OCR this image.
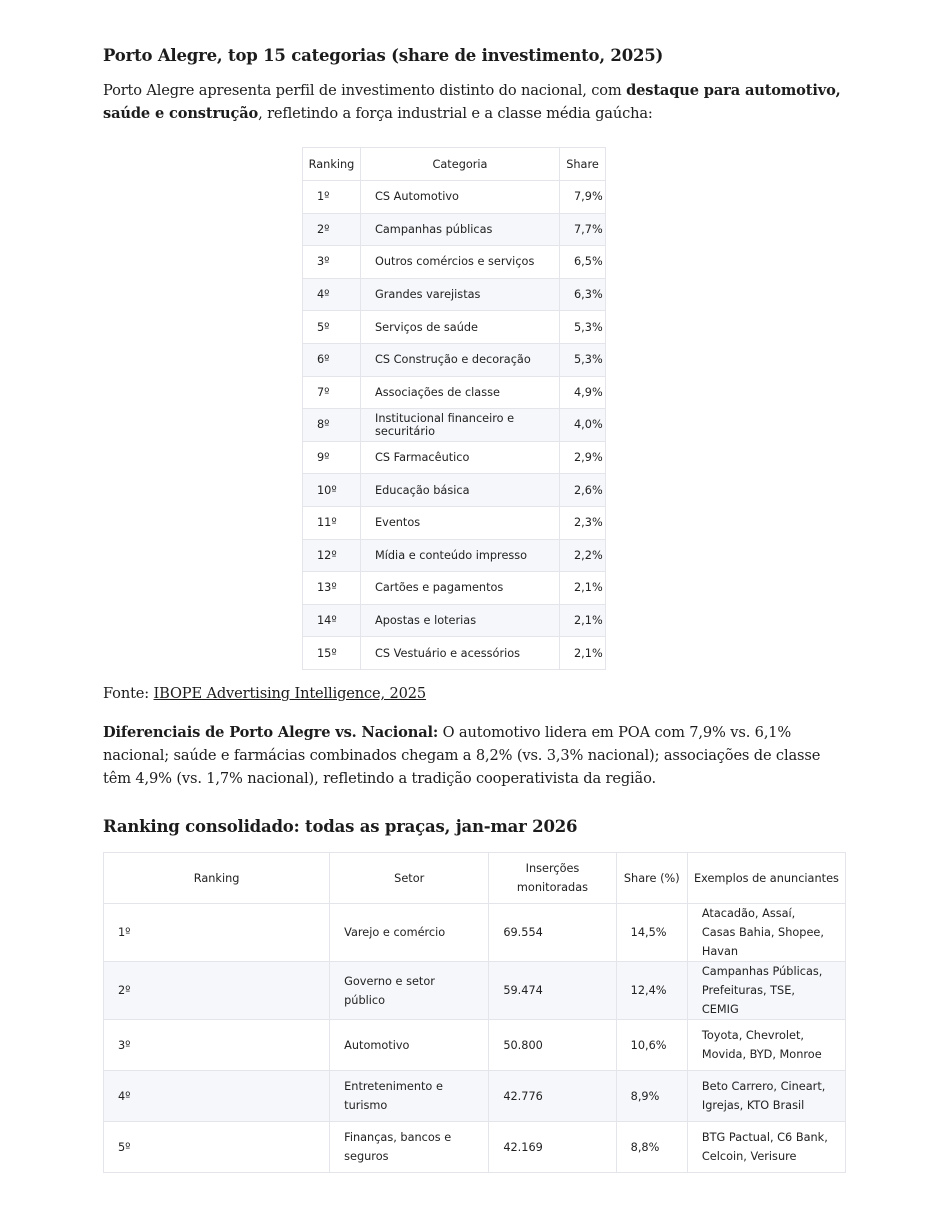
Porto Alegre, top 15 categorias (share de investimento, 2025)

Porto Alegre apresenta perfil de investimento distinto do nacional, com destaque para automotivo, saúde e construção, refletindo a força industrial e a classe média gaúcha:

Ranking	Categoria	Share
1º	CS Automotivo	7,9%
2º	Campanhas públicas	7,7%
3º	Outros comércios e serviços	6,5%
4º	Grandes varejistas	6,3%
5º	Serviços de saúde	5,3%
6º	CS Construção e decoração	5,3%
7º	Associações de classe	4,9%
8º	Institucional financeiro e securitário	4,0%
9º	CS Farmacêutico	2,9%
10º	Educação básica	2,6%
11º	Eventos	2,3%
12º	Mídia e conteúdo impresso	2,2%
13º	Cartões e pagamentos	2,1%
14º	Apostas e loterias	2,1%
15º	CS Vestuário e acessórios	2,1%

Fonte: IBOPE Advertising Intelligence, 2025

Diferenciais de Porto Alegre vs. Nacional: O automotivo lidera em POA com 7,9% vs. 6,1% nacional; saúde e farmácias combinados chegam a 8,2% (vs. 3,3% nacional); associações de classe têm 4,9% (vs. 1,7% nacional), refletindo a tradição cooperativista da região.

Ranking consolidado: todas as praças, jan-mar 2026
Ranking	Setor	Inserções monitoradas	Share (%)	Exemplos de anunciantes
1º	Varejo e comércio	69.554	14,5%	Atacadão, Assaí, Casas Bahia, Shopee, Havan
2º	Governo e setor público	59.474	12,4%	Campanhas Públicas, Prefeituras, TSE, CEMIG
3º	Automotivo	50.800	10,6%	Toyota, Chevrolet, Movida, BYD, Monroe
4º	Entretenimento e turismo	42.776	8,9%	Beto Carrero, Cineart, Igrejas, KTO Brasil
5º	Finanças, bancos e seguros	42.169	8,8%	BTG Pactual, C6 Bank, Celcoin, Verisure
